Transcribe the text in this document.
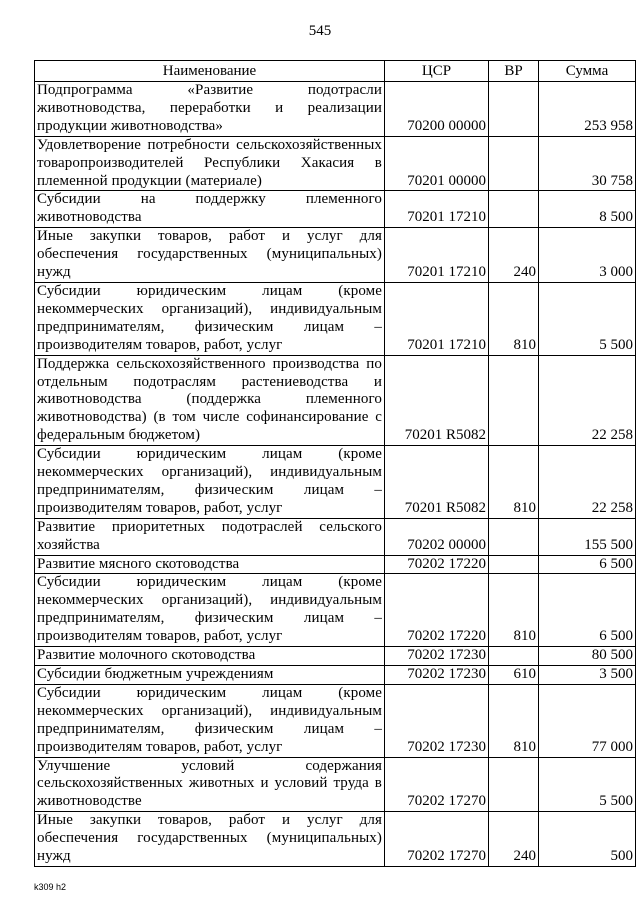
545
Наименование	ЦСР	ВР	Сумма
Подпрограмма «Развитие подотрасли животноводства, переработки и реализации продукции животноводства»	70200 00000		253 958
Удовлетворение потребности сельскохозяйственных товаропроизводителей Республики Хакасия в племенной продукции (материале)	70201 00000		30 758
Субсидии на поддержку племенного животноводства	70201 17210		8 500
Иные закупки товаров, работ и услуг для обеспечения государственных (муниципальных) нужд	70201 17210	240	3 000
Субсидии юридическим лицам (кроме некоммерческих организаций), индивидуальным предпринимателям, физическим лицам – производителям товаров, работ, услуг	70201 17210	810	5 500
Поддержка сельскохозяйственного производства по отдельным подотраслям растениеводства и животноводства (поддержка племенного животноводства) (в том числе софинансирование с федеральным бюджетом)	70201 R5082		22 258
Субсидии юридическим лицам (кроме некоммерческих организаций), индивидуальным предпринимателям, физическим лицам – производителям товаров, работ, услуг	70201 R5082	810	22 258
Развитие приоритетных подотраслей сельского хозяйства	70202 00000		155 500
Развитие мясного скотоводства	70202 17220		6 500
Субсидии юридическим лицам (кроме некоммерческих организаций), индивидуальным предпринимателям, физическим лицам – производителям товаров, работ, услуг	70202 17220	810	6 500
Развитие молочного скотоводства	70202 17230		80 500
Субсидии бюджетным учреждениям	70202 17230	610	3 500
Субсидии юридическим лицам (кроме некоммерческих организаций), индивидуальным предпринимателям, физическим лицам – производителям товаров, работ, услуг	70202 17230	810	77 000
Улучшение условий содержания сельскохозяйственных животных и условий труда в животноводстве	70202 17270		5 500
Иные закупки товаров, работ и услуг для обеспечения государственных (муниципальных) нужд	70202 17270	240	500
k309 h2
